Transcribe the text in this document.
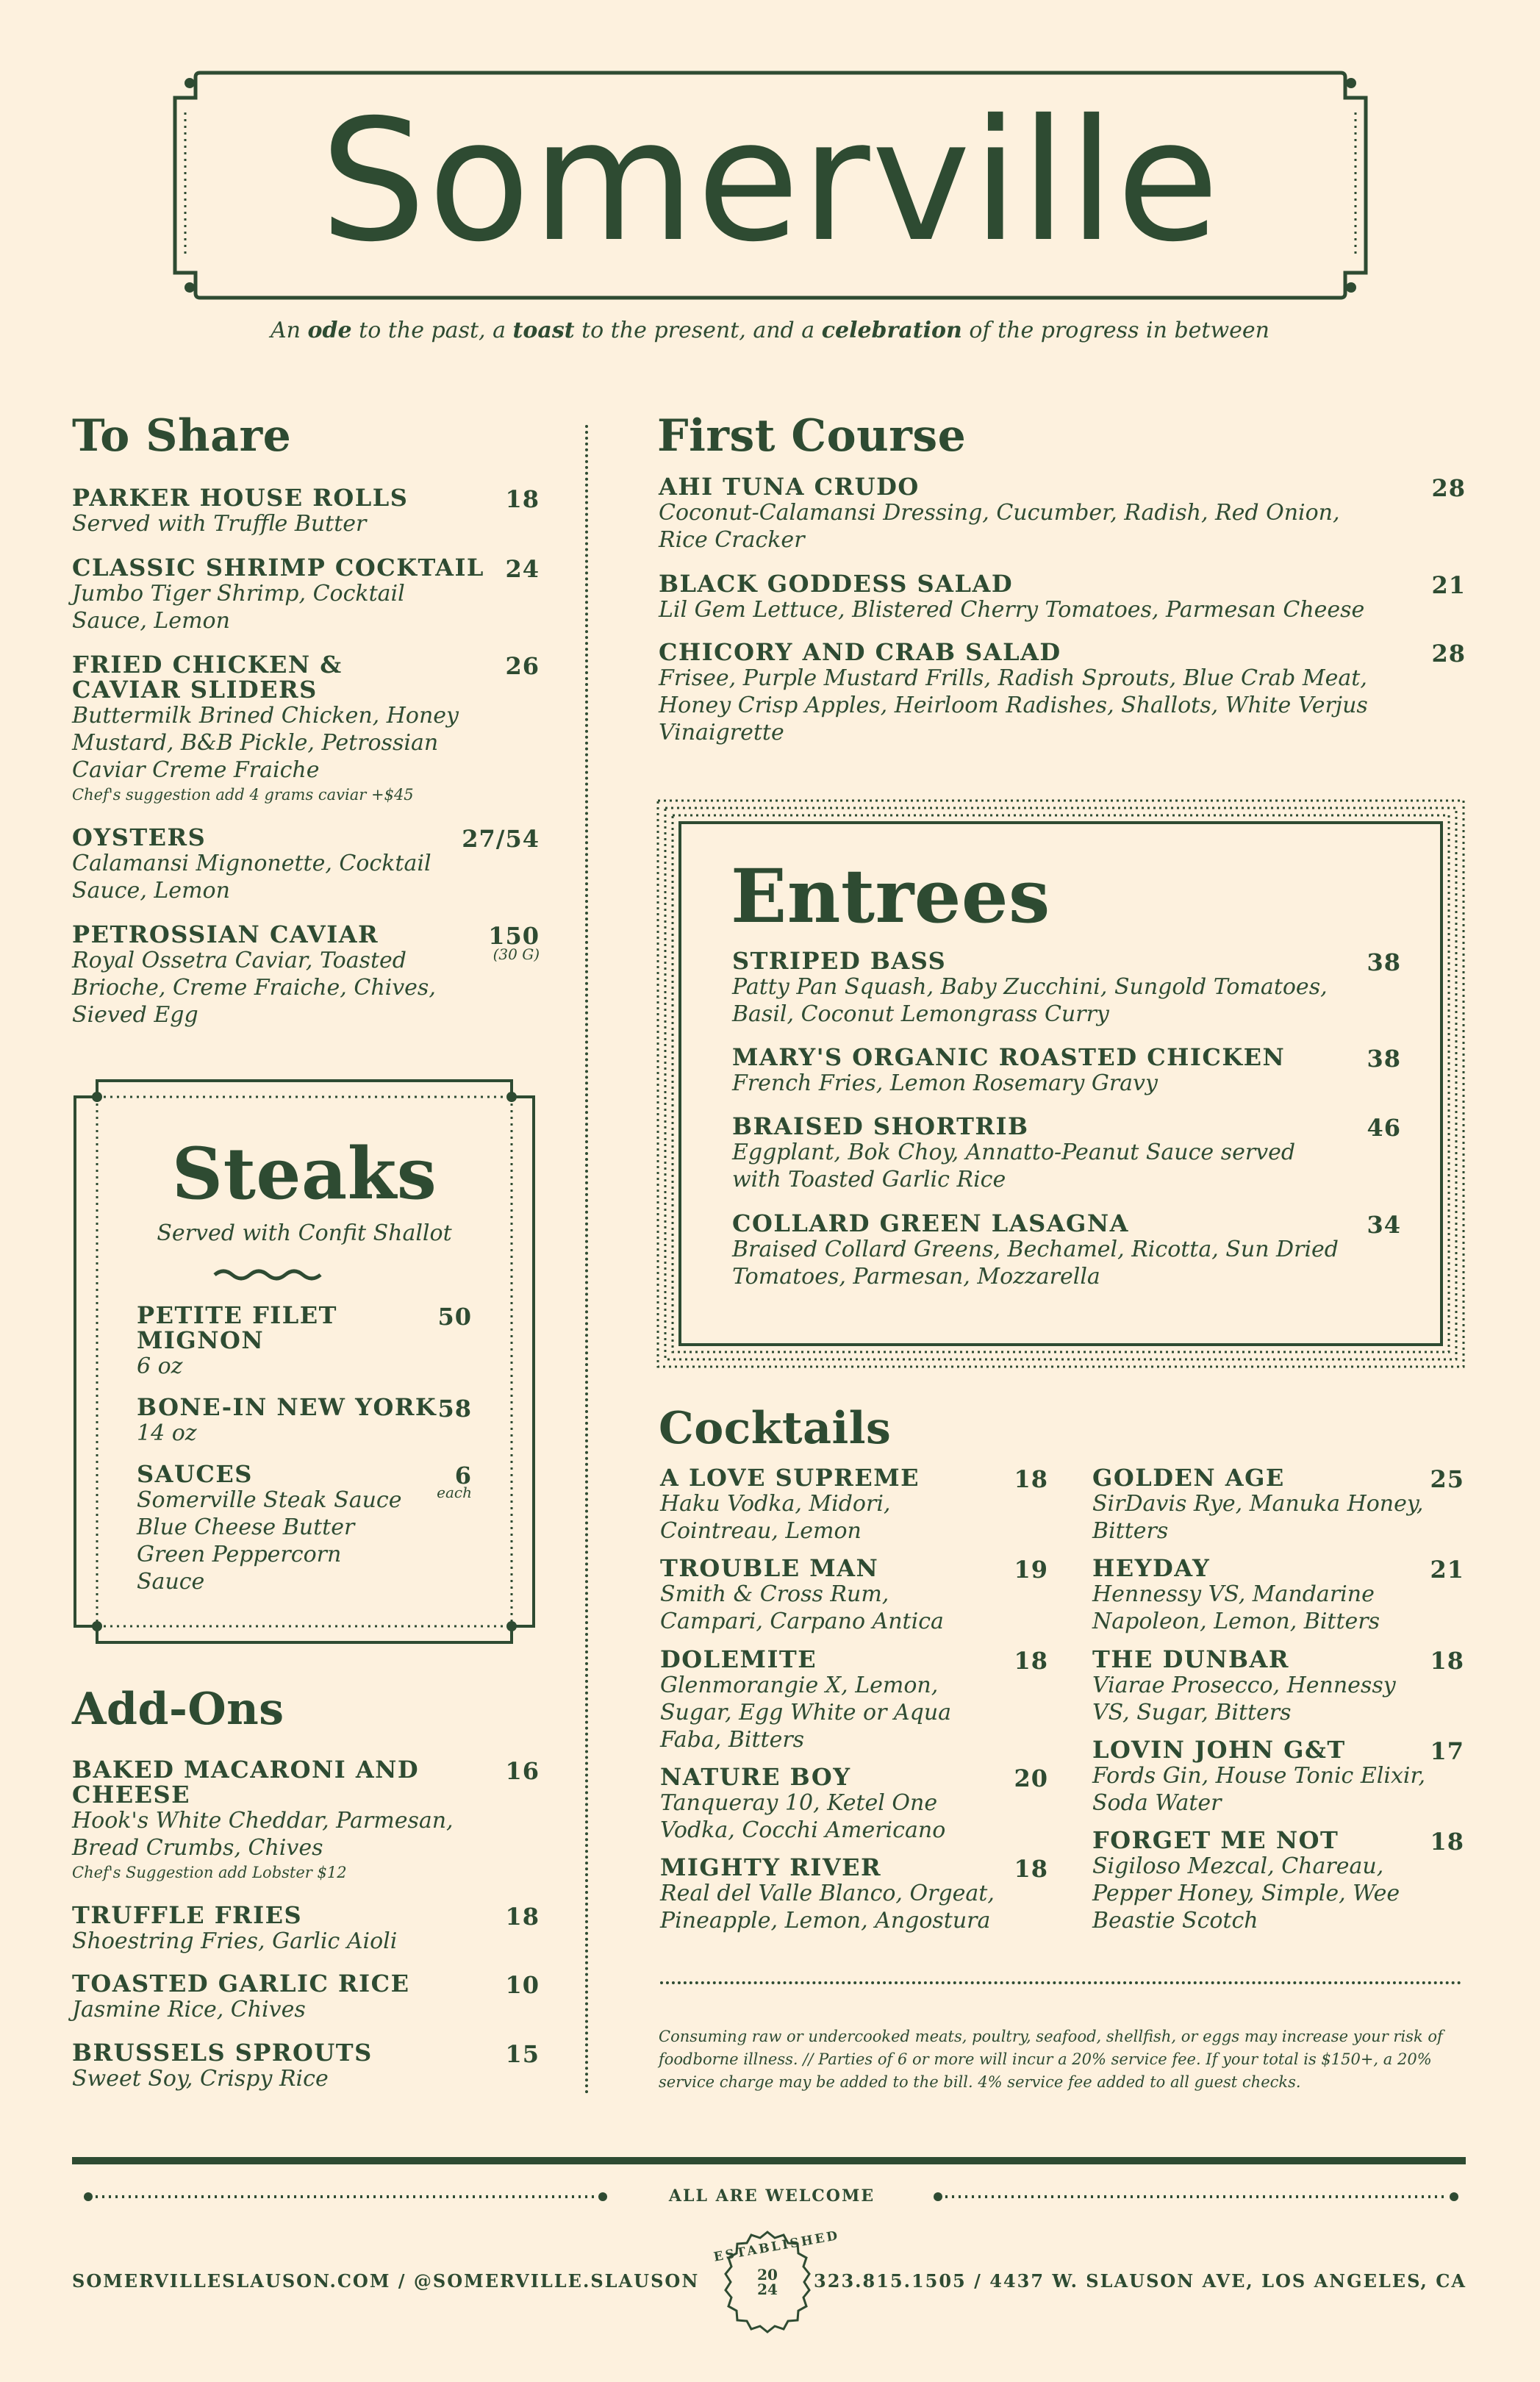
Somerville
An ode to the past, a toast to the present, and a celebration of the progress in between
To Share
PARKER HOUSE ROLLS	18
Served with Truffle Butter
CLASSIC SHRIMP COCKTAIL 24
Jumbo Tiger Shrimp, Cocktail Sauce, Lemon
FRIED CHICKEN & CAVIAR SLIDERS
26
Buttermilk Brined Chicken, Honey Mustard, B&B Pickle, Petrossian Caviar Creme Fraiche
Chef's suggestion add 4 grams caviar +$45
OYSTERS	27/54
Calamansi Mignonette, Cocktail Sauce, Lemon
PETROSSIAN CAVIAR	150
(30 G)
Royal Ossetra Caviar, Toasted Brioche, Creme Fraiche, Chives, Sieved Egg
Steaks
Served with Confit Shallot
PETITE FILET MIGNON
50
6 oz
BONE-IN NEW YORK 58
14 oz
SAUCES	6
each
Somerville Steak Sauce Blue Cheese Butter Green Peppercorn Sauce
Add-Ons
BAKED MACARONI AND CHEESE
16
Hook's White Cheddar, Parmesan, Bread Crumbs, Chives
Chef's Suggestion add Lobster $12
TRUFFLE FRIES	18
Shoestring Fries, Garlic Aioli
TOASTED GARLIC RICE	10
Jasmine Rice, Chives
BRUSSELS SPROUTS	15
Sweet Soy, Crispy Rice
First Course
AHI TUNA CRUDO	28
Coconut-Calamansi Dressing, Cucumber, Radish, Red Onion, Rice Cracker
BLACK GODDESS SALAD	21
Lil Gem Lettuce, Blistered Cherry Tomatoes, Parmesan Cheese
CHICORY AND CRAB SALAD	28
Frisee, Purple Mustard Frills, Radish Sprouts, Blue Crab Meat, Honey Crisp Apples, Heirloom Radishes, Shallots, White Verjus Vinaigrette
Entrees
STRIPED BASS	38
Patty Pan Squash, Baby Zucchini, Sungold Tomatoes, Basil, Coconut Lemongrass Curry
MARY'S ORGANIC ROASTED CHICKEN	38
French Fries, Lemon Rosemary Gravy
BRAISED SHORTRIB	46
Eggplant, Bok Choy, Annatto-Peanut Sauce served with Toasted Garlic Rice
COLLARD GREEN LASAGNA	34
Braised Collard Greens, Bechamel, Ricotta, Sun Dried Tomatoes, Parmesan, Mozzarella
Cocktails
A LOVE SUPREME	18
Haku Vodka, Midori, Cointreau, Lemon
TROUBLE MAN	19
Smith & Cross Rum, Campari, Carpano Antica
DOLEMITE	18
Glenmorangie X, Lemon, Sugar, Egg White or Aqua Faba, Bitters
NATURE BOY	20
Tanqueray 10, Ketel One Vodka, Cocchi Americano
MIGHTY RIVER	18
Real del Valle Blanco, Orgeat, Pineapple, Lemon, Angostura
GOLDEN AGE	25
SirDavis Rye, Manuka Honey, Bitters
HEYDAY	21
Hennessy VS, Mandarine Napoleon, Lemon, Bitters
THE DUNBAR	18
Viarae Prosecco, Hennessy VS, Sugar, Bitters
LOVIN JOHN G&T	17
Fords Gin, House Tonic Elixir, Soda Water
FORGET ME NOT	18
Sigiloso Mezcal, Chareau, Pepper Honey, Simple, Wee Beastie Scotch
Consuming raw or undercooked meats, poultry, seafood, shellfish, or eggs may increase your risk of foodborne illness. // Parties of 6 or more will incur a 20% service fee. If your total is $150+, a 20% service charge may be added to the bill. 4% service fee added to all guest checks.
ALL ARE WELCOME
SOMERVILLESLAUSON.COM / @SOMERVILLE.SLAUSON
ESTABLISHED
20
24	323.815.1505 / 4437 W. SLAUSON AVE, LOS ANGELES, CA
